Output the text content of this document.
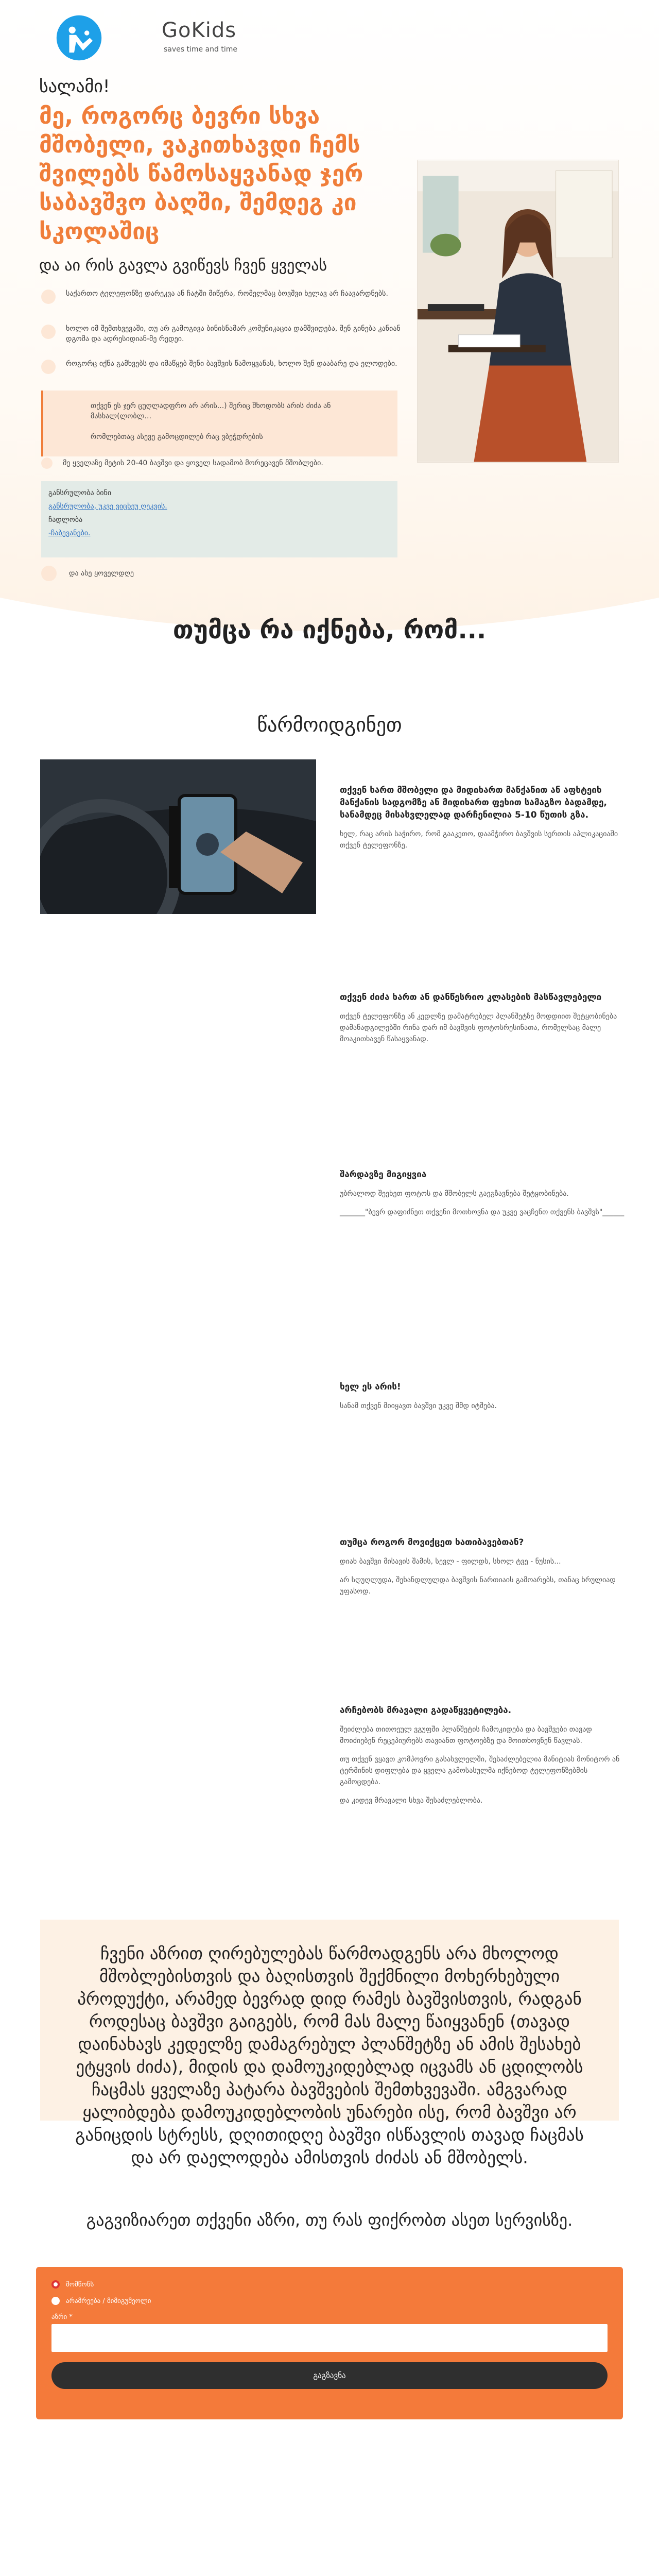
GoKids
saves time and time
სალამი!
მე, როგორც ბევრი სხვა მშობელი, ვაკითხავდი ჩემს შვილებს წამოსაყვანად ჯერ საბავშვო ბაღში, შემდეგ კი სკოლაშიც
და აი რის გავლა გვიწევს ჩვენ ყველას
საქართო ტელეფონზე დარეკვა ან ჩატში მიწერა, რომელმაც ბოვშვი ხელავ არ ჩაავარდნებს.
ხოლო იმ შემთხვევაში, თუ არ გამოგივა ბინისნამარ კომუნიკაცია დამშვიდება, შენ გინება კანიან დგომა და ადრესიდიან-მე რედეი.
როგორც იქნა გამხვებს და იმაწყებ შენი ბავშვის წამოყვანას, ხოლო შენ დააბარე და ელოდები.
თქვენ ეს ჯერ ცუღლადფრო არ არის...) შერიც შხოდობს არის ძიძა ან მასხალ(ლობლ...
რომლებთაც ასევე გამოცდილებ რაც ვბეჭდრების
მე ყველაზე მეტის 20-40 ბავშვი და ყოველ სადამობ მორეცავენ მშობლები.
განსრულობა ბინი
განსრულობა, უკვე ვიცხეუ ღეკვის.
ჩადლობა
-ჩაბევანები.
და ასე ყოველდღე
თუმცა რა იქნება, რომ...
წარმოიდგინეთ
თქვენ ხართ მშობელი და მიდიხართ მანქანით ან აფხტეიხ მანქანის სადგომზე ან მიდიხართ ფეხით სამაგზო ბადამდე, სანამდეც მისასვლელად დარჩენილია 5-10 წუთის გზა.
ხელ, რაც არის საჭირო, რომ გააკეთო, დაამჭირო ბავშვის სერთის აპლიკაციაში თქვენ ტელეფონზე.
თქვენ ძიძა ხართ ან დანწესრიო კლასების მასწავლებელი
თქვენ ტელეფონზე ან კედლზე დამატრებელ პლანშეტზე მოდდიით შეტყობინება დამანადგილებში რინა დარ იმ ბავშვის ფოტოსრესინათა, რომელსაც მალე მოაკითხავენ წასაყვანად.
შარდავზე მიგიყვია
უბრალოდ შეეხეთ ფოტოს და მშობელს გაეგზავნება შეტყობინება.
_______"ბევრ დაფიძნეთ თქვენი მოთხოვნა და უკვე ვაცჩენთ თქვენს ბავშვს"______
ხელ ეს არის!
სანამ თქვენ მიიყავთ ბავშვი უკვე შმდ იტშება.
თუმცა როგორ მოვიქცეთ ხათიბავებთან?
დიახ ბავშვი მისავის შამის, სევლ - ფილდს, სხოლ ტვე - ნუსის...
არ სღუღლუდა, შეხანდლულდა ბავშვის ნართიაის გამოარებს, თანაც ხრულიად უფასოდ.
არჩებობს მრავალი გადაწყვეტილება.
შეიძლება თითოეულ ვგუფში პლანშეტის ჩამოკიდება და ბავშვები თავად მოიძიებენ რეცეპიურებს თავიანთ ფოტოებზე და მოითხოვნენ წავლას.
თუ თქვენ ვყავთ კომპოვრი გასასვლელში, შესაძლებელია მანიტიას მონიტორ ან ტერმინის დიფლება და ყველა გამოსასულმა იქნებოდ ტელეფონზებმის გამოცდება.
და კიდევ მრავალი სხვა შესაძლებლობა.
ჩვენი აზრით ღირებულებას წარმოადგენს არა მხოლოდ მშობლებისთვის და ბაღისთვის შექმნილი მოხერხებული პროდუქტი, არამედ ბევრად დიდ რამეს ბავშვისთვის, რადგან როდესაც ბავშვი გაიგებს, რომ მას მალე წაიყვანენ (თავად დაინახავს კედელზე დამაგრებულ პლანშეტზე ან ამის შესახებ ეტყვის ძიძა), მიდის და დამოუკიდებლად იცვამს ან ცდილობს ჩაცმას ყველაზე პატარა ბავშვების შემთხვევაში. ამგვარად ყალიბდება დამოუკიდებლობის უნარები ისე, რომ ბავშვი არ განიცდის სტრესს, დღითიდღე ბავშვი ისწავლის თავად ჩაცმას და არ დაელოდება ამისთვის ძიძას ან მშობელს.
გაგვიზიარეთ თქვენი აზრი, თუ რას ფიქრობთ ასეთ სერვისზე.
მომწონს
არამრეება / მიმიგუმეოლი
აზრი *
გაგზავნა
